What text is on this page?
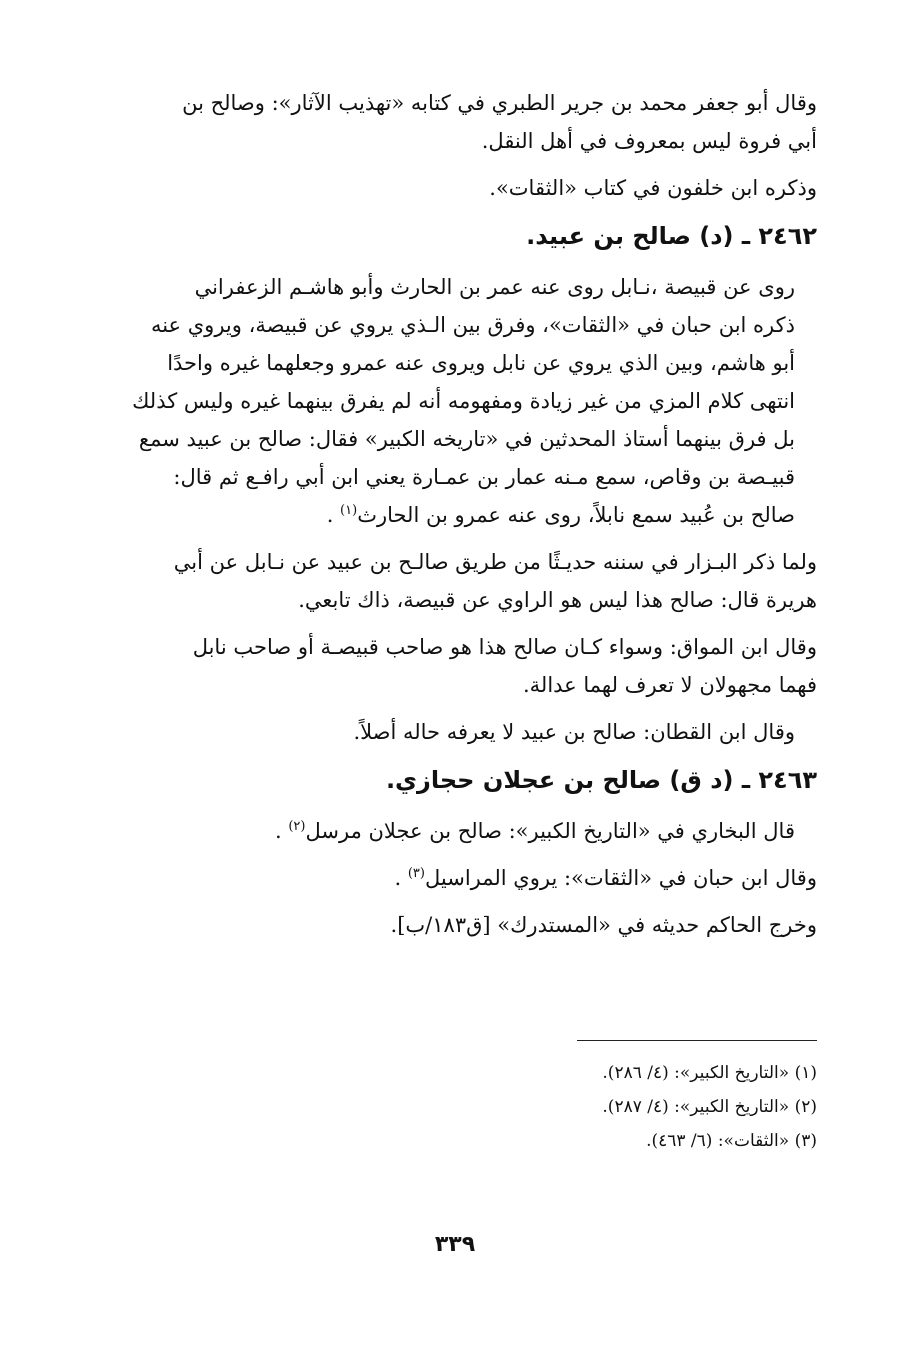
وقال أبو جعفر محمد بن جرير الطبري في كتابه «تهذيب الآثار»: وصالح بن
أبي فروة ليس بمعروف في أهل النقل.
وذكره ابن خلفون في كتاب «الثقات».
٢٤٦٢ ـ (د) صالح بن عبيد.
روى عن قبيصة ،نـابل روى عنه عمر بن الحارث وأبو هاشـم الزعفراني
ذكره ابن حبان في «الثقات»، وفرق بين الـذي يروي عن قبيصة، ويروي عنه
أبو هاشم، وبين الذي يروي عن نابل ويروى عنه عمرو وجعلهما غيره واحدًا
انتهى كلام المزي من غير زيادة ومفهومه أنه لم يفرق بينهما غيره وليس كذلك
بل فرق بينهما أستاذ المحدثين في «تاريخه الكبير» فقال: صالح بن عبيد سمع
قبيـصة بن وقاص، سمع مـنه عمار بن عمـارة يعني ابن أبي رافـع ثم قال:
صالح بن عُبيد سمع نابلاً، روى عنه عمرو بن الحارث$^{(١)}$ .
ولما ذكر البـزار في سننه حديـثًا من طريق صالـح بن عبيد عن نـابل عن أبي
هريرة قال: صالح هذا ليس هو الراوي عن قبيصة، ذاك تابعي.
وقال ابن المواق: وسواء كـان صالح هذا هو صاحب قبيصـة أو صاحب نابل
فهما مجهولان لا تعرف لهما عدالة.
وقال ابن القطان: صالح بن عبيد لا يعرفه حاله أصلاً.
٢٤٦٣ ـ (د ق) صالح بن عجلان حجازي.
قال البخاري في «التاريخ الكبير»: صالح بن عجلان مرسل$^{(٢)}$ .
وقال ابن حبان في «الثقات»: يروي المراسيل$^{(٣)}$ .
وخرج الحاكم حديثه في «المستدرك» [ق١٨٣/ب].
(١) «التاريخ الكبير»: (٤/ ٢٨٦).
(٢) «التاريخ الكبير»: (٤/ ٢٨٧).
(٣) «الثقات»: (٦/ ٤٦٣).
٣٣٩
